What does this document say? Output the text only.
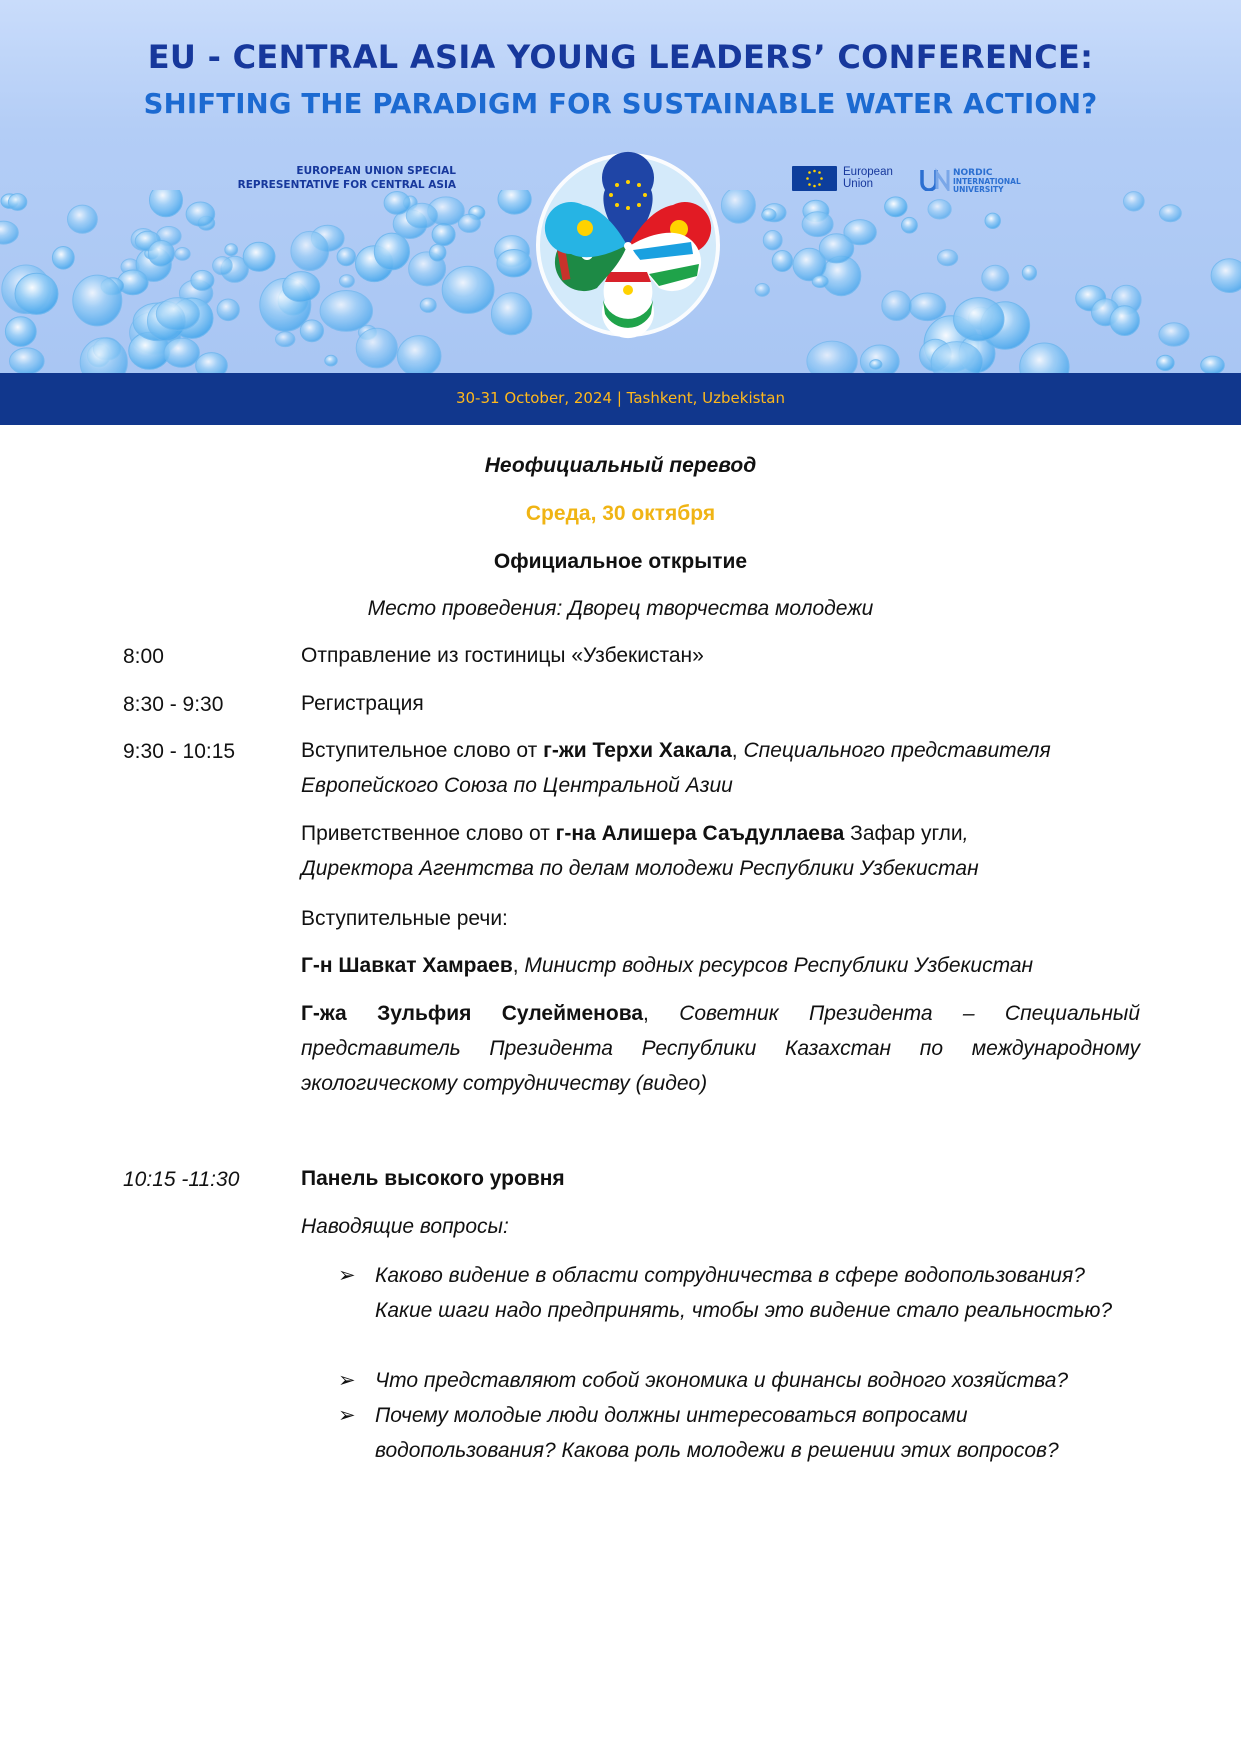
EU - CENTRAL ASIA YOUNG LEADERS’ CONFERENCE:
SHIFTING THE PARADIGM FOR SUSTAINABLE WATER ACTION?
EUROPEAN UNION SPECIAL
REPRESENTATIVE FOR CENTRAL ASIA
European
Union
NORDIC
INTERNATIONAL
UNIVERSITY
30-31 October, 2024 | Tashkent, Uzbekistan
Неофициальный перевод
Среда, 30 октября
Официальное открытие
Место проведения: Дворец творчества молодежи
8:00	Отправление из гостиницы «Узбекистан»
8:30 - 9:30	Регистрация
9:30 - 10:15	Вступительное слово от г-жи Терхи Хакала, Специального представителя
Европейского Союза по Центральной Азии
Приветственное слово от г-на Алишера Саъдуллаева Зафар угли,
Директора Агентства по делам молодежи Республики Узбекистан
Вступительные речи:
Г-н Шавкат Хамраев, Министр водных ресурсов Республики Узбекистан
Г-жа Зульфия Сулейменова, Советник Президента – Специальный представитель Президента Республики Казахстан по международному экологическому сотрудничеству (видео)
10:15 -11:30	Панель высокого уровня
Наводящие вопросы:
➢ Каково видение в области сотрудничества в сфере водопользования? Какие шаги надо предпринять, чтобы это видение стало реальностью?
➢ Что представляют собой экономика и финансы водного хозяйства?
➢ Почему молодые люди должны интересоваться вопросами водопользования? Какова роль молодежи в решении этих вопросов?
